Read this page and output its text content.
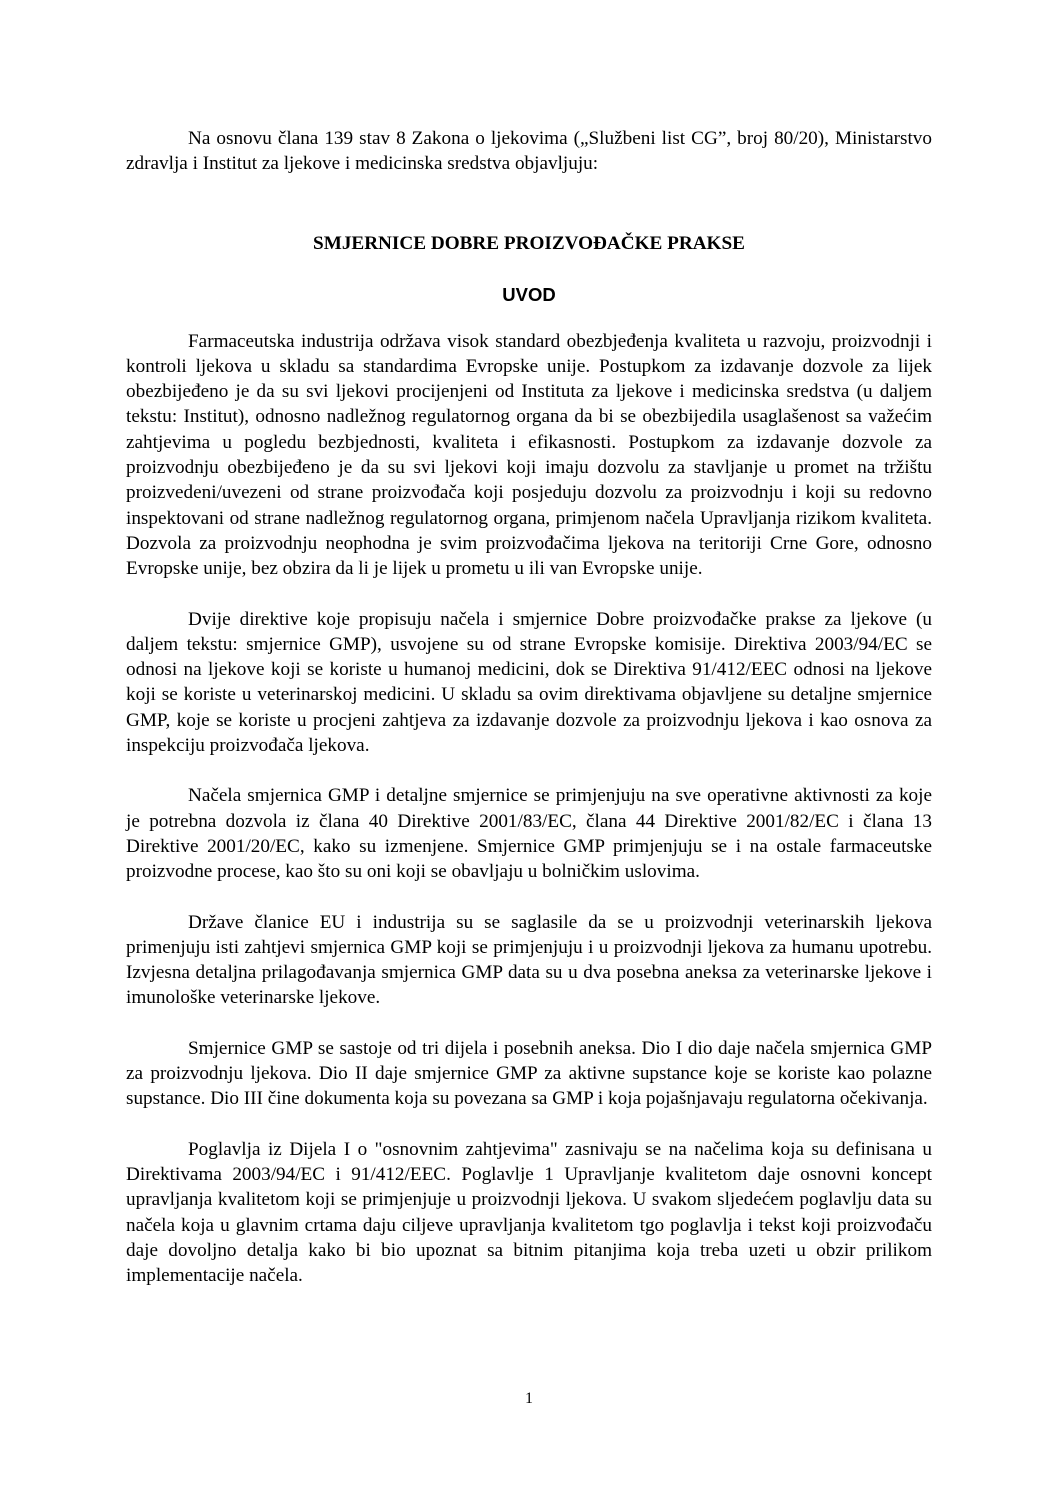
Na osnovu člana 139 stav 8 Zakona o ljekovima („Službeni list CG”, broj 80/20), Ministarstvo zdravlja i Institut za ljekove i medicinska sredstva objavljuju:

SMJERNICE DOBRE PROIZVOĐAČKE PRAKSE
UVOD

Farmaceutska industrija održava visok standard obezbjeđenja kvaliteta u razvoju, proizvodnji i kontroli ljekova u skladu sa standardima Evropske unije. Postupkom za izdavanje dozvole za lijek obezbijeđeno je da su svi ljekovi procijenjeni od Instituta za ljekove i medicinska sredstva (u daljem tekstu: Institut), odnosno nadležnog regulatornog organa da bi se obezbijedila usaglašenost sa važećim zahtjevima u pogledu bezbjednosti, kvaliteta i efikasnosti. Postupkom za izdavanje dozvole za proizvodnju obezbijeđeno je da su svi ljekovi koji imaju dozvolu za stavljanje u promet na tržištu proizvedeni/uvezeni od strane proizvođača koji posjeduju dozvolu za proizvodnju i koji su redovno inspektovani od strane nadležnog regulatornog organa, primjenom načela Upravljanja rizikom kvaliteta. Dozvola za proizvodnju neophodna je svim proizvođačima ljekova na teritoriji Crne Gore, odnosno Evropske unije, bez obzira da li je lijek u prometu u ili van Evropske unije.

Dvije direktive koje propisuju načela i smjernice Dobre proizvođačke prakse za ljekove (u daljem tekstu: smjernice GMP), usvojene su od strane Evropske komisije. Direktiva 2003/94/EC se odnosi na ljekove koji se koriste u humanoj medicini, dok se Direktiva 91/412/EEC odnosi na ljekove koji se koriste u veterinarskoj medicini. U skladu sa ovim direktivama objavljene su detaljne smjernice GMP, koje se koriste u procjeni zahtjeva za izdavanje dozvole za proizvodnju ljekova i kao osnova za inspekciju proizvođača ljekova.

Načela smjernica GMP i detaljne smjernice se primjenjuju na sve operativne aktivnosti za koje je potrebna dozvola iz člana 40 Direktive 2001/83/EC, člana 44 Direktive 2001/82/EC i člana 13 Direktive 2001/20/EC, kako su izmenjene. Smjernice GMP primjenjuju se i na ostale farmaceutske proizvodne procese, kao što su oni koji se obavljaju u bolničkim uslovima.

Države članice EU i industrija su se saglasile da se u proizvodnji veterinarskih ljekova primenjuju isti zahtjevi smjernica GMP koji se primjenjuju i u proizvodnji ljekova za humanu upotrebu. Izvjesna detaljna prilagođavanja smjernica GMP data su u dva posebna aneksa za veterinarske ljekove i imunološke veterinarske ljekove.

Smjernice GMP se sastoje od tri dijela i posebnih aneksa. Dio I dio daje načela smjernica GMP za proizvodnju ljekova. Dio II daje smjernice GMP za aktivne supstance koje se koriste kao polazne supstance. Dio III čine dokumenta koja su povezana sa GMP i koja pojašnjavaju regulatorna očekivanja.

Poglavlja iz Dijela I o "osnovnim zahtjevima" zasnivaju se na načelima koja su definisana u Direktivama 2003/94/EC i 91/412/EEC. Poglavlje 1 Upravljanje kvalitetom daje osnovni koncept upravljanja kvalitetom koji se primjenjuje u proizvodnji ljekova. U svakom sljedećem poglavlju data su načela koja u glavnim crtama daju ciljeve upravljanja kvalitetom tgo poglavlja i tekst koji proizvođaču daje dovoljno detalja kako bi bio upoznat sa bitnim pitanjima koja treba uzeti u obzir prilikom implementacije načela.

1
